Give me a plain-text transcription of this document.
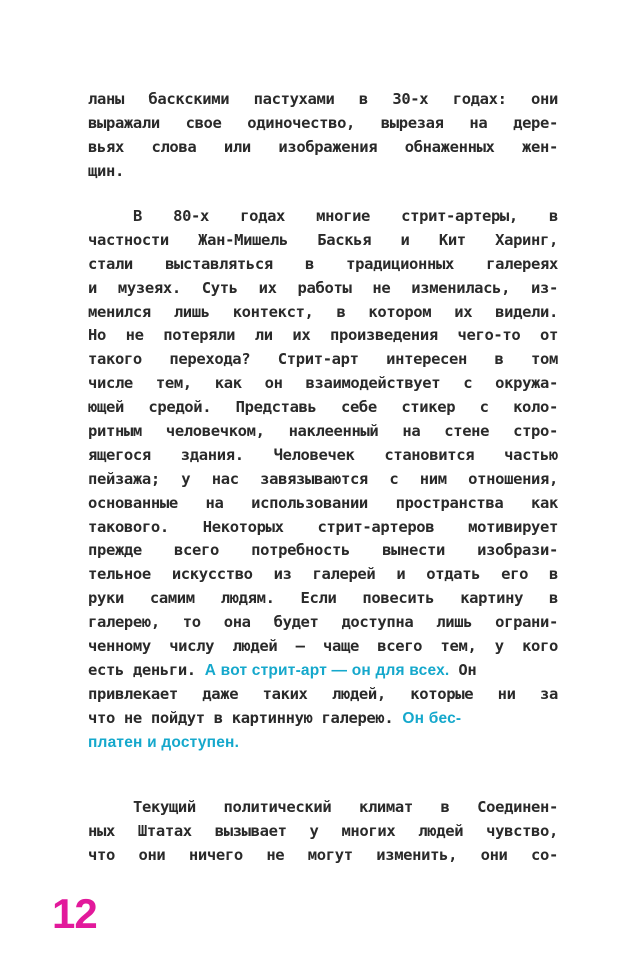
ланы баскскими пастухами в 30-х годах: они
выражали свое одиночество, вырезая на дере-
вьях слова или изображения обнаженных жен-
щин.
В 80-х годах многие стрит-артеры, в
частности Жан-Мишель Баскья и Кит Харинг,
стали выставляться в традиционных галереях
и музеях. Суть их работы не изменилась, из-
менился лишь контекст, в котором их видели.
Но не потеряли ли их произведения чего-то от
такого перехода? Стрит-арт интересен в том
числе тем, как он взаимодействует с окружа-
ющей средой. Представь себе стикер с коло-
ритным человечком, наклеенный на стене стро-
ящегося здания. Человечек становится частью
пейзажа; у нас завязываются с ним отношения,
основанные на использовании пространства как
такового. Некоторых стрит-артеров мотивирует
прежде всего потребность вынести изобрази-
тельное искусство из галерей и отдать его в
руки самим людям. Если повесить картину в
галерею, то она будет доступна лишь ограни-
ченному числу людей — чаще всего тем, у кого
есть деньги. А вот стрит-арт — он для всех. Он
привлекает даже таких людей, которые ни за
что не пойдут в картинную галерею. Он бес-
платен и доступен.
Текущий политический климат в Соединен-
ных Штатах вызывает у многих людей чувство,
что они ничего не могут изменить, они со-
12
